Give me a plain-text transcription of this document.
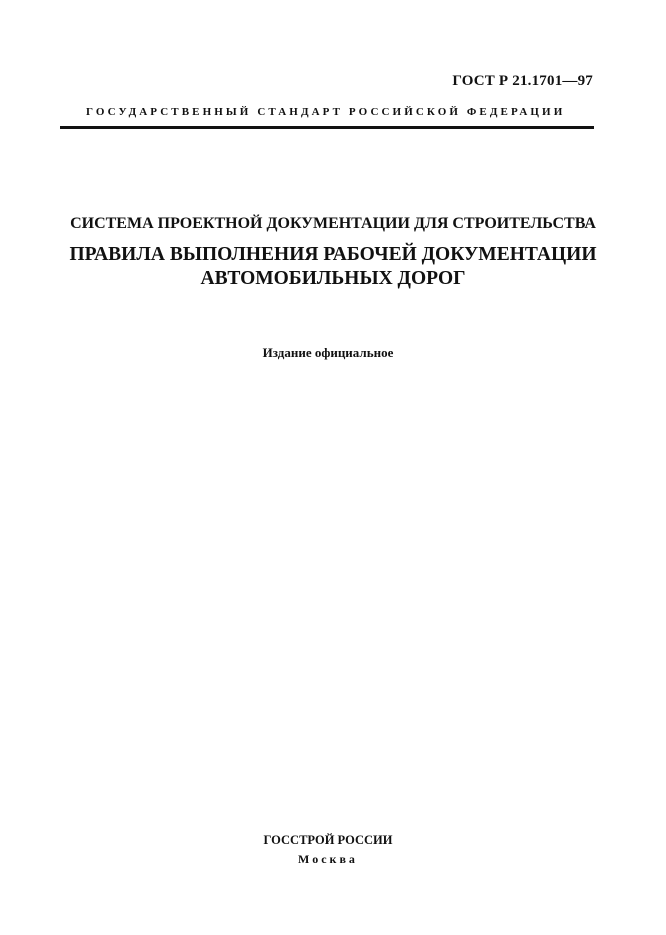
ГОСТ Р 21.1701—97
ГОСУДАРСТВЕННЫЙ СТАНДАРТ РОССИЙСКОЙ ФЕДЕРАЦИИ
СИСТЕМА ПРОЕКТНОЙ ДОКУМЕНТАЦИИ ДЛЯ СТРОИТЕЛЬСТВА
ПРАВИЛА ВЫПОЛНЕНИЯ РАБОЧЕЙ ДОКУМЕНТАЦИИ
АВТОМОБИЛЬНЫХ ДОРОГ
Издание официальное
ГОССТРОЙ РОССИИ
Москва
